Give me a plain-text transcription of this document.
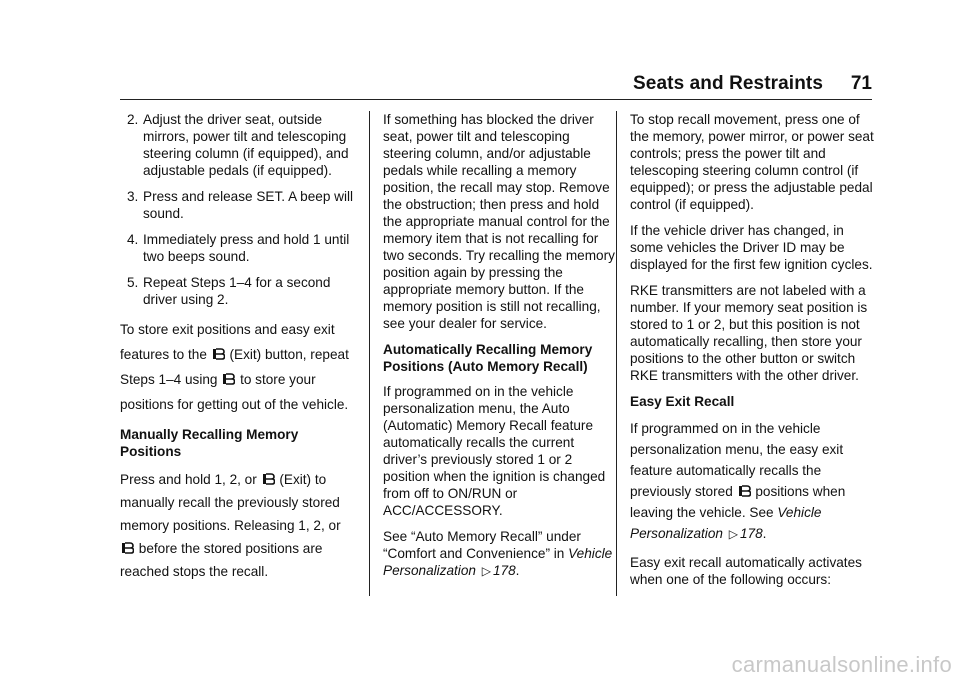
Seats and Restraints 71
2. Adjust the driver seat, outside mirrors, power tilt and telescoping steering column (if equipped), and adjustable pedals (if equipped).
3. Press and release SET. A beep will sound.
4. Immediately press and hold 1 until two beeps sound.
5. Repeat Steps 1–4 for a second driver using 2.

To store exit positions and easy exit features to the (Exit) button, repeat Steps 1–4 using to store your positions for getting out of the vehicle.

Manually Recalling Memory Positions

Press and hold 1, 2, or (Exit) to manually recall the previously stored memory positions. Releasing 1, 2, or  before the stored positions are reached stops the recall.

If something has blocked the driver seat, power tilt and telescoping steering column, and/or adjustable pedals while recalling a memory position, the recall may stop. Remove the obstruction; then press and hold the appropriate manual control for the memory item that is not recalling for two seconds. Try recalling the memory position again by pressing the appropriate memory button. If the memory position is still not recalling, see your dealer for service.

Automatically Recalling Memory Positions (Auto Memory Recall)

If programmed on in the vehicle personalization menu, the Auto (Automatic) Memory Recall feature automatically recalls the current driver’s previously stored 1 or 2 position when the ignition is changed from off to ON/RUN or ACC/ACCESSORY.

See “Auto Memory Recall” under “Comfort and Convenience” in Vehicle Personalization ▷ 178.

To stop recall movement, press one of the memory, power mirror, or power seat controls; press the power tilt and telescoping steering column control (if equipped); or press the adjustable pedal control (if equipped).

If the vehicle driver has changed, in some vehicles the Driver ID may be displayed for the first few ignition cycles.

RKE transmitters are not labeled with a number. If your memory seat position is stored to 1 or 2, but this position is not automatically recalling, then store your positions to the other button or switch RKE transmitters with the other driver.

Easy Exit Recall

If programmed on in the vehicle personalization menu, the easy exit feature automatically recalls the previously stored positions when leaving the vehicle. See Vehicle Personalization ▷ 178.

Easy exit recall automatically activates when one of the following occurs:

carmanualsonline.info
